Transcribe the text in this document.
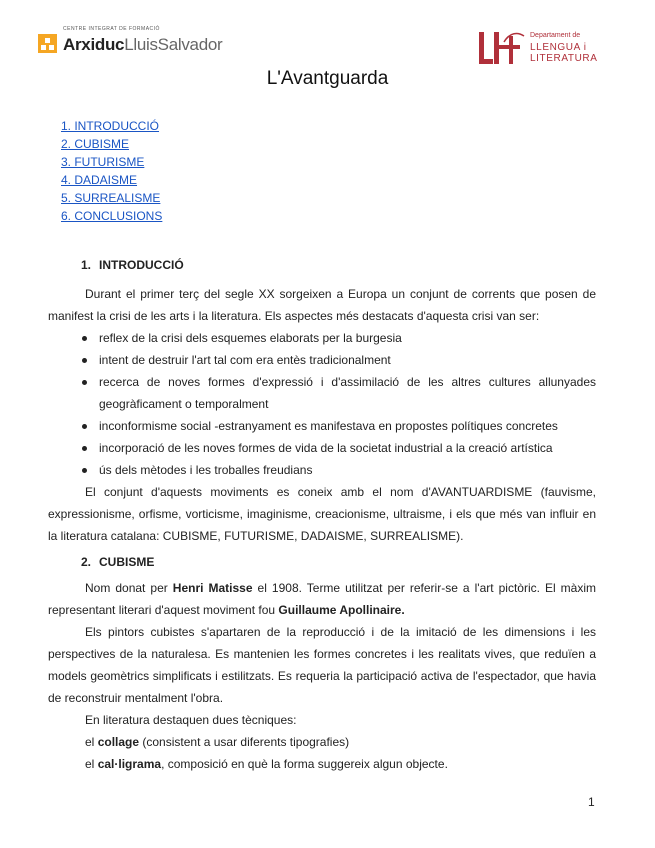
CENTRE INTEGRAT DE FORMACIÓ
ArxiducLluisSalvador	Departament de
LLENGUA i
LITERATURA
L'Avantguarda
1. INTRODUCCIÓ
2. CUBISME
3. FUTURISME
4. DADAISME
5. SURREALISME
6. CONCLUSIONS
1. INTRODUCCIÓ

Durant el primer terç del segle XX sorgeixen a Europa un conjunt de corrents que posen de manifest la crisi de les arts i la literatura. Els aspectes més destacats d'aquesta crisi van ser:

reflex de la crisi dels esquemes elaborats per la burgesia
intent de destruir l'art tal com era entès tradicionalment
recerca de noves formes d'expressió i d'assimilació de les altres cultures allunyades geogràficament o temporalment
inconformisme social -estranyament es manifestava en propostes polítiques concretes
incorporació de les noves formes de vida de la societat industrial a la creació artística
ús dels mètodes i les troballes freudians

El conjunt d'aquests moviments es coneix amb el nom d'AVANTUARDISME (fauvisme, expressionisme, orfisme, vorticisme, imaginisme, creacionisme, ultraisme, i els que més van influir en la literatura catalana: CUBISME, FUTURISME, DADAISME, SURREALISME).

2. CUBISME

Nom donat per Henri Matisse el 1908. Terme utilitzat per referir-se a l'art pictòric. El màxim representant literari d'aquest moviment fou Guillaume Apollinaire.

Els pintors cubistes s'apartaren de la reproducció i de la imitació de les dimensions i les perspectives de la naturalesa. Es mantenien les formes concretes i les realitats vives, que reduïen a models geomètrics simplificats i estilitzats. Es requeria la participació activa de l'espectador, que havia de reconstruir mentalment l'obra.

En literatura destaquen dues tècniques:

el collage (consistent a usar diferents tipografies)

el cal·ligrama, composició en què la forma suggereix algun objecte.

1
